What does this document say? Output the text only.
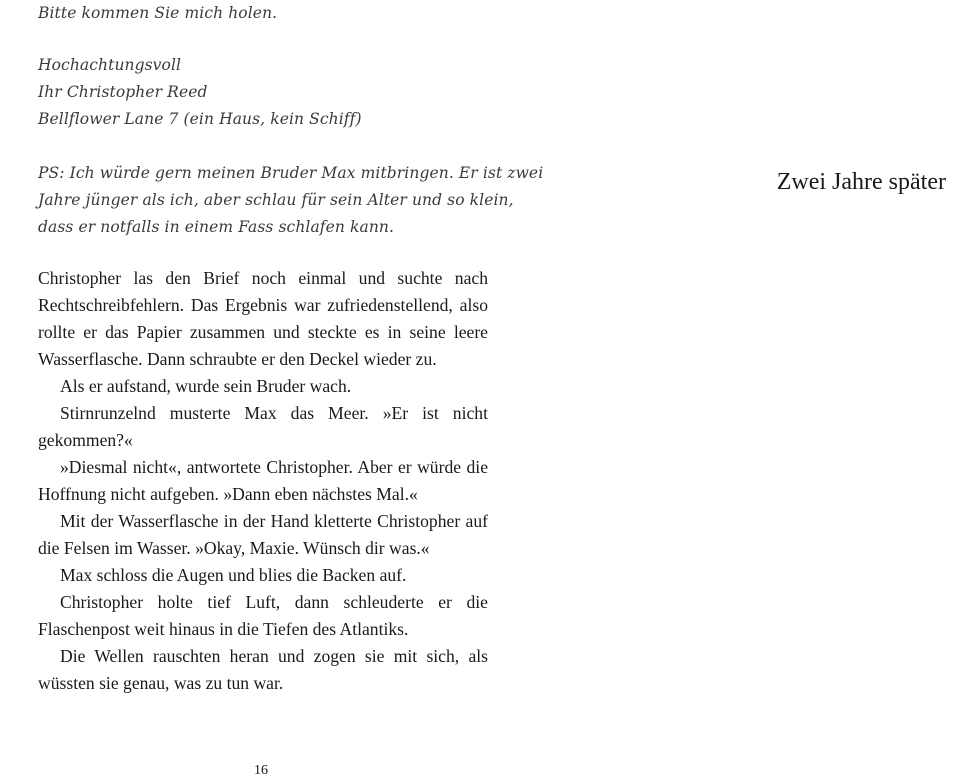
Bitte kommen Sie mich holen.
Hochachtungsvoll
Ihr Christopher Reed
Bellflower Lane 7 (ein Haus, kein Schiff)
PS: Ich würde gern meinen Bruder Max mitbringen. Er ist zwei
Jahre jünger als ich, aber schlau für sein Alter und so klein,
dass er notfalls in einem Fass schlafen kann.

Christopher las den Brief noch einmal und suchte nach Rechtschreibfehlern. Das Ergebnis war zufriedenstellend, also rollte er das Papier zusammen und steckte es in seine leere Wasserflasche. Dann schraubte er den Deckel wieder zu.

Als er aufstand, wurde sein Bruder wach.

Stirnrunzelnd musterte Max das Meer. »Er ist nicht gekommen?«

»Diesmal nicht«, antwortete Christopher. Aber er würde die Hoffnung nicht aufgeben. »Dann eben nächstes Mal.«

Mit der Wasserflasche in der Hand kletterte Christopher auf die Felsen im Wasser. »Okay, Maxie. Wünsch dir was.«

Max schloss die Augen und blies die Backen auf.

Christopher holte tief Luft, dann schleuderte er die Flaschenpost weit hinaus in die Tiefen des Atlantiks.

Die Wellen rauschten heran und zogen sie mit sich, als wüssten sie genau, was zu tun war.

16
Zwei Jahre später
